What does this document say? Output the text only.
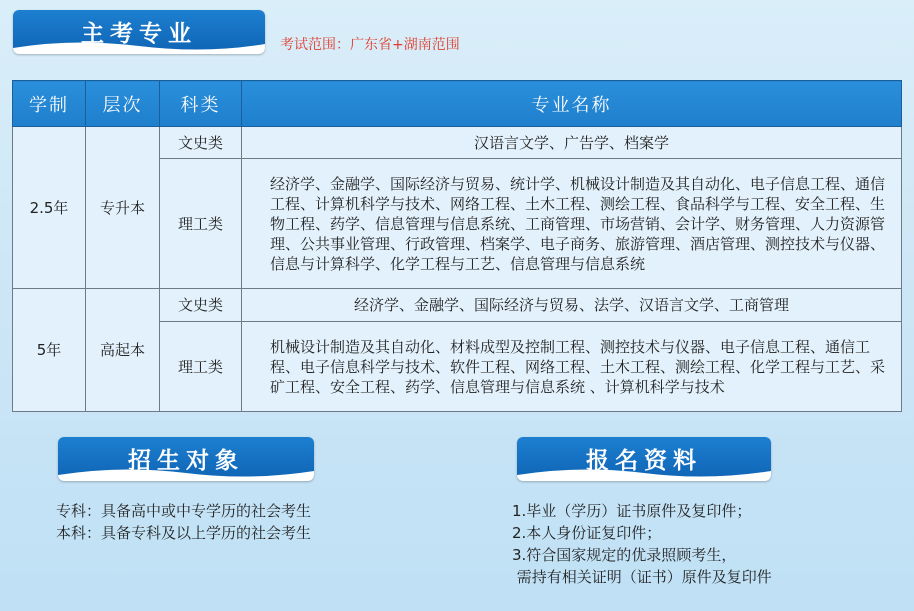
主考专业	考试范围：广东省+湖南范围
学制	层次	科类	专业名称
2.5年	专升本	文史类	汉语言文学、广告学、档案学
		理工类	经济学、金融学、国际经济与贸易、统计学、机械设计制造及其自动化、电子信息工程、通信工程、计算机科学与技术、网络工程、土木工程、测绘工程、食品科学与工程、安全工程、生物工程、药学、信息管理与信息系统、工商管理、市场营销、会计学、财务管理、人力资源管理、公共事业管理、行政管理、档案学、电子商务、旅游管理、酒店管理、测控技术与仪器、信息与计算科学、化学工程与工艺、信息管理与信息系统
5年	高起本	文史类	经济学、金融学、国际经济与贸易、法学、汉语言文学、工商管理
		理工类	机械设计制造及其自动化、材料成型及控制工程、测控技术与仪器、电子信息工程、通信工程、电子信息科学与技术、软件工程、网络工程、土木工程、测绘工程、化学工程与工艺、采矿工程、安全工程、药学、信息管理与信息系统 、计算机科学与技术
招生对象
专科：具备高中或中专学历的社会考生
本科：具备专科及以上学历的社会考生
报名资料
1.毕业（学历）证书原件及复印件；
2.本人身份证复印件；
3.符合国家规定的优录照顾考生，
需持有相关证明（证书）原件及复印件
